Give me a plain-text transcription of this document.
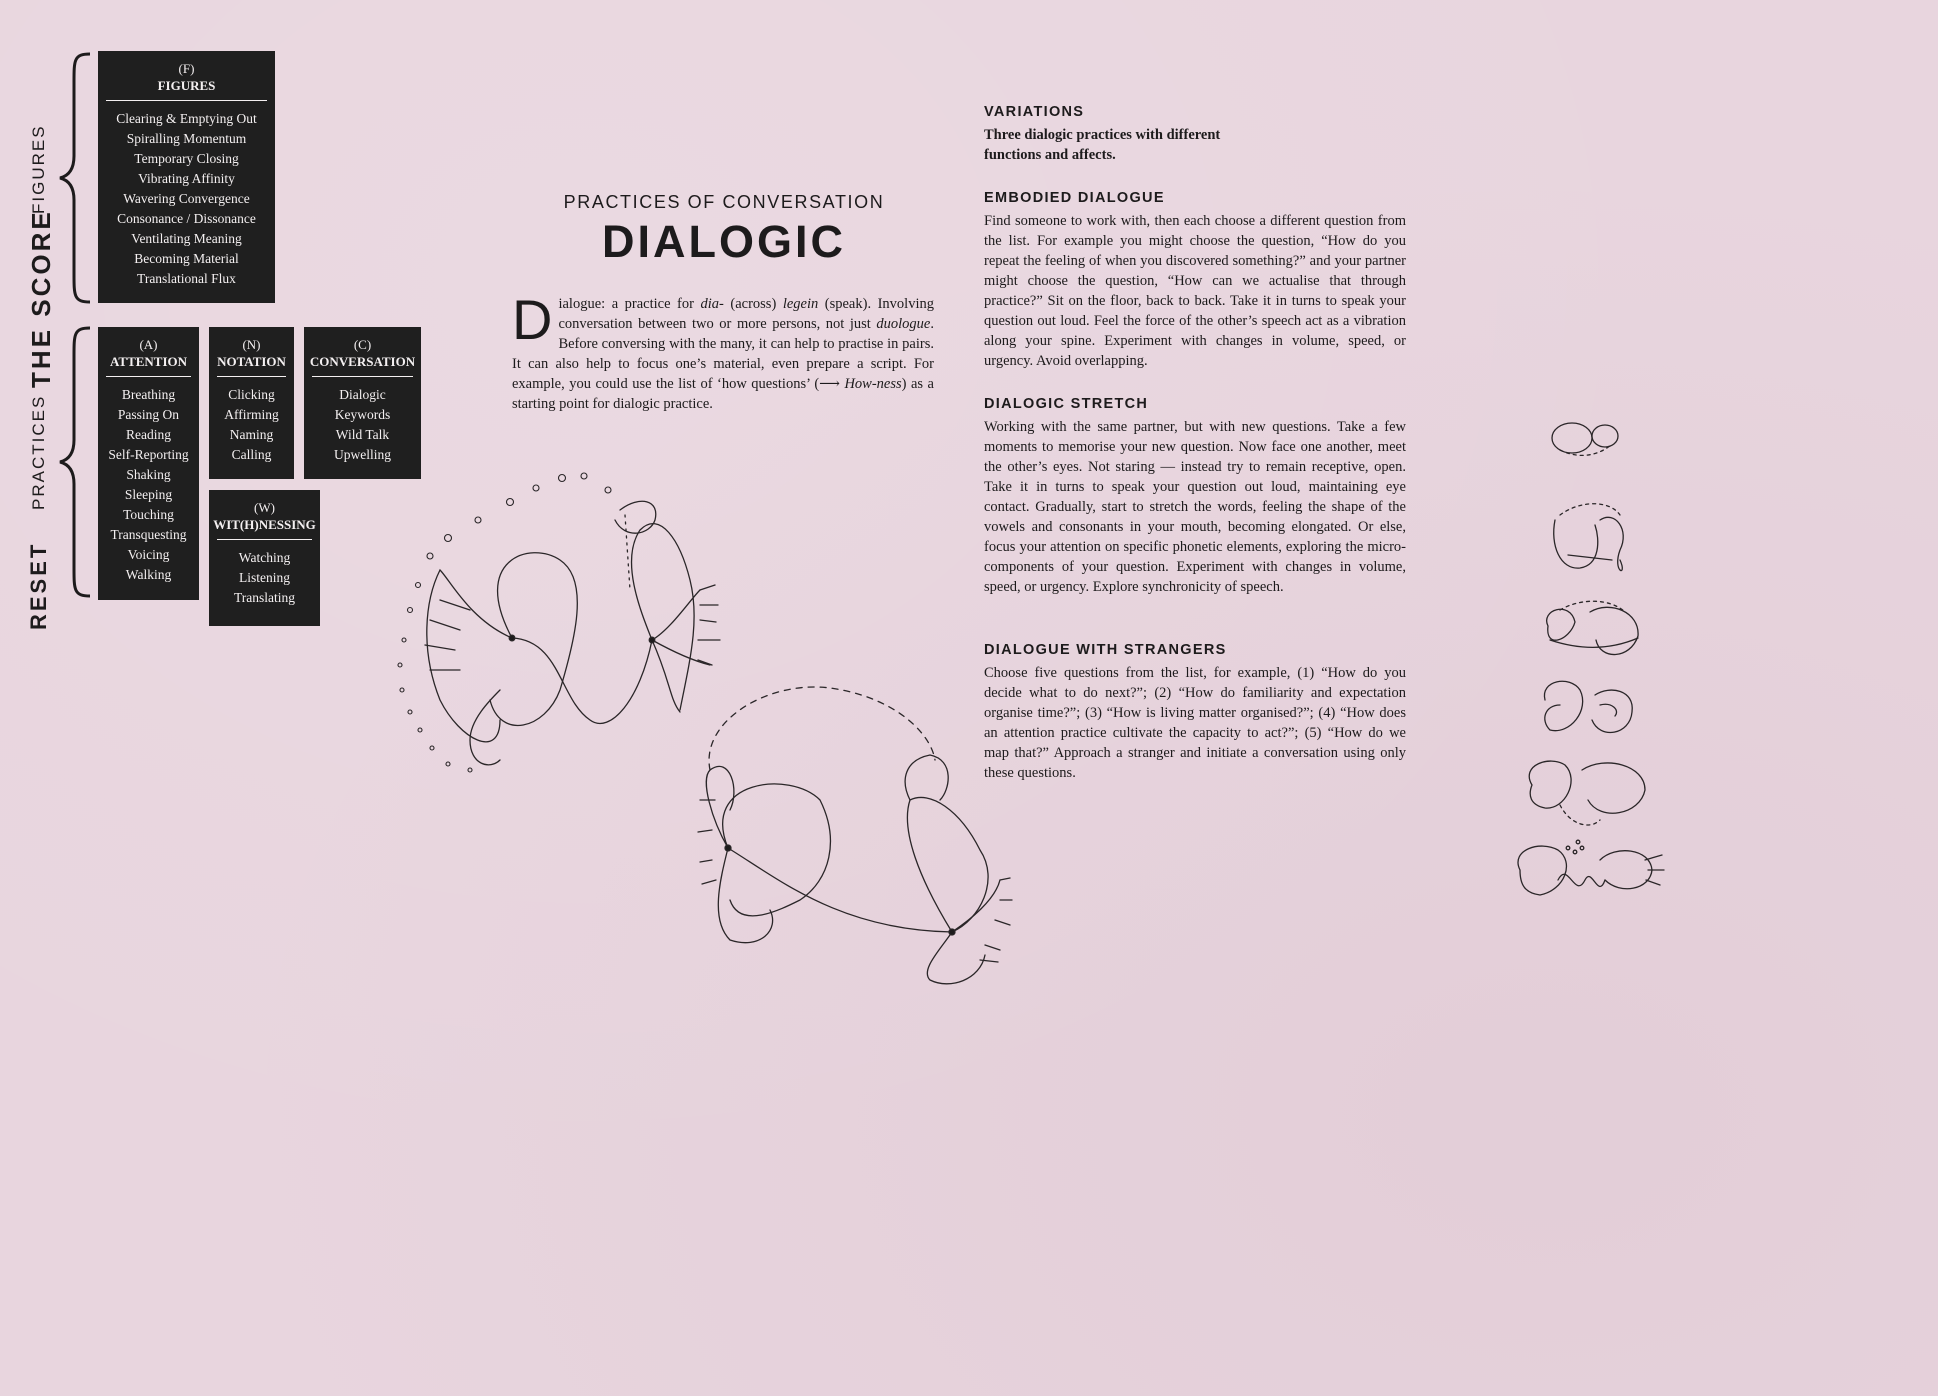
FIGURES
THE SCORE
PRACTICES
RESET
(F)
FIGURES
Clearing & Emptying Out
Spiralling Momentum
Temporary Closing
Vibrating Affinity
Wavering Convergence
Consonance / Dissonance
Ventilating Meaning
Becoming Material
Translational Flux
(A)
ATTENTION
Breathing
Passing On
Reading
Self-Reporting
Shaking
Sleeping
Touching
Transquesting
Voicing
Walking
(N)
NOTATION
Clicking
Affirming
Naming
Calling
(C)
CONVERSATION
Dialogic
Keywords
Wild Talk
Upwelling
(W)
WIT(H)NESSING
Watching
Listening
Translating
PRACTICES OF CONVERSATION
DIALOGIC
Dialogue: a practice for dia- (across) legein (speak). Involving conversation between two or more persons, not just duologue. Before conversing with the many, it can help to practise in pairs. It can also help to focus one’s material, even prepare a script. For example, you could use the list of ‘how questions’ (⟶ How-ness) as a starting point for dialogic practice.
VARIATIONS
Three dialogic practices with different functions and affects.
EMBODIED DIALOGUE
Find someone to work with, then each choose a different question from the list. For example you might choose the question, “How do you repeat the feeling of when you discovered something?” and your partner might choose the question, “How can we actualise that through practice?” Sit on the floor, back to back. Take it in turns to speak your question out loud. Feel the force of the other’s speech act as a vibration along your spine. Experiment with changes in volume, speed, or urgency. Avoid overlapping.
DIALOGIC STRETCH
Working with the same partner, but with new questions. Take a few moments to memorise your new question. Now face one another, meet the other’s eyes. Not staring — instead try to remain receptive, open. Take it in turns to speak your question out loud, maintaining eye contact. Gradually, start to stretch the words, feeling the shape of the vowels and consonants in your mouth, becoming elongated. Or else, focus your attention on specific phonetic elements, exploring the micro-components of your question. Experiment with changes in volume, speed, or urgency. Explore synchronicity of speech.
DIALOGUE WITH STRANGERS
Choose five questions from the list, for example, (1) “How do you decide what to do next?”; (2) “How do familiarity and expectation organise time?”; (3) “How is living matter organised?”; (4) “How does an attention practice cultivate the capacity to act?”; (5) “How do we map that?” Approach a stranger and initiate a conversation using only these questions.
